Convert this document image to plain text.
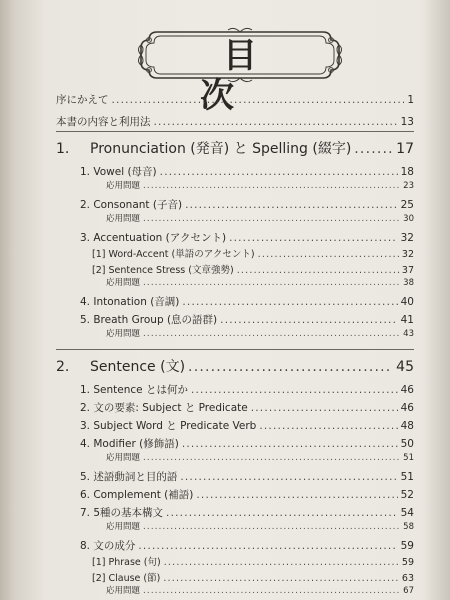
目 次
序にかえて .....	1
本書の内容と利用法 .....	13
1. Pronunciation (発音) と Spelling (綴字) .....	17
1. Vowel (母音) .....	18
応用問題 .....	23
2. Consonant (子音) .....	25
応用問題 .....	30
3. Accentuation (アクセント) .....	32
[1] Word-Accent (単語のアクセント) .....	32
[2] Sentence Stress (文章強勢) .....	37
応用問題 .....	38
4. Intonation (音調) .....	40
5. Breath Group (息の語群) .....	41
応用問題 .....	43
2. Sentence (文) .....	45
1. Sentence とは何か .....	46
2. 文の要素: Subject と Predicate .....	46
3. Subject Word と Predicate Verb .....	48
4. Modifier (修飾語) .....	50
応用問題 .....	51
5. 述語動詞と目的語 .....	51
6. Complement (補語) .....	52
7. 5種の基本構文 .....	54
応用問題 .....	58
8. 文の成分 .....	59
[1] Phrase (句) .....	59
[2] Clause (節) .....	63
応用問題 .....	67
